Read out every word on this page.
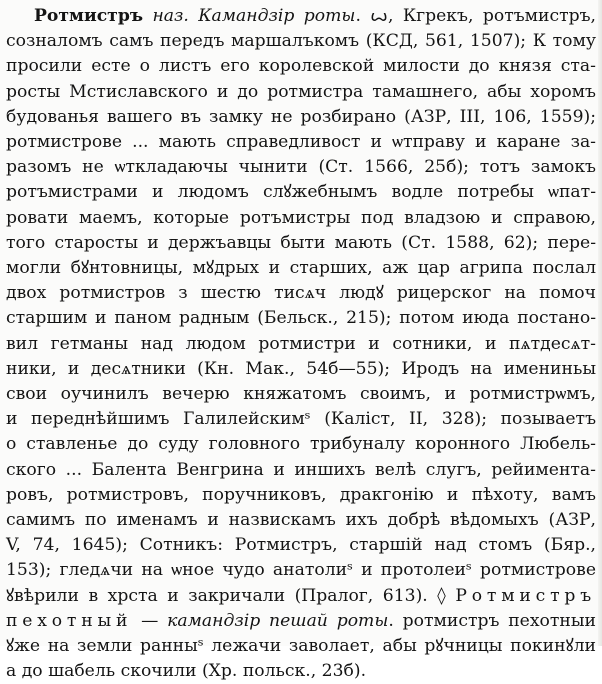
Ротмистръ наз. Камандзір роты. ꙍ, Кгрекъ, ротъмистръ,
созналомъ самъ передъ маршалъкомъ (КСД, 561, 1507); К тому
просили есте о листъ его королевской милости до князя ста-
росты Мстиславского и до ротмистра тамашнего, абы хоромъ
будованья вашего въ замку не розбирано (АЗР, III, 106, 1559);
ротмистрове ... мають справедливост и ѡтправу и каране за-
разомъ не ѡткладаючы чынити (Ст. 1566, 25б); тотъ замокъ
ротъмистрами и людомъ слꙋжебнымъ водле потребы ѡпат-
ровати маемъ, которые ротъмистры под владзою и справою,
того старосты и держъавцы быти мають (Ст. 1588, 62); пере-
могли бꙋнтовницы, мꙋдрых и старших, аж цар агрипа послал
двох ротмистров з шестю тисѧч людꙋ рицерског на помоч
старшим и паном радным (Бельск., 215); потом июда постано-
вил гетманы над людом ротмистри и сотники, и пѧтдесѧт-
ники, и десѧтники (Кн. Мак., 54б—55); Иродъ на имениньы
свои оучинилъ вечерю княжатомъ своимъ, и ротмистрѡмъ,
и переднѣйшимъ Галилейскимˢ (Каліст, II, 328); позываетъ
о ставленье до суду головного трибуналу коронного Любель-
ского ... Балента Венгрина и иншихъ велѣ слугъ, рейимента-
ровъ, ротмистровъ, поручниковъ, дракгонію и пѣхоту, вамъ
самимъ по именамъ и назвискамъ ихъ добрѣ вѣдомыхъ (АЗР,
V, 74, 1645); Сотникъ: Ротмистръ, старшій над стомъ (Бяр.,
153); гледѧчи на ѡное чудо анатолиˢ и протолеиˢ ротмистрове
ꙋвѣрили в хрста и закричали (Пралог, 613). ◊ Ротмистръ
пехотный — камандзір пешай роты. ротмистръ пехотныи
ꙋже на земли ранныˢ лежачи заволает, абы рꙋчницы покинꙋли
а до шабель скочили (Хр. польск., 23б).
